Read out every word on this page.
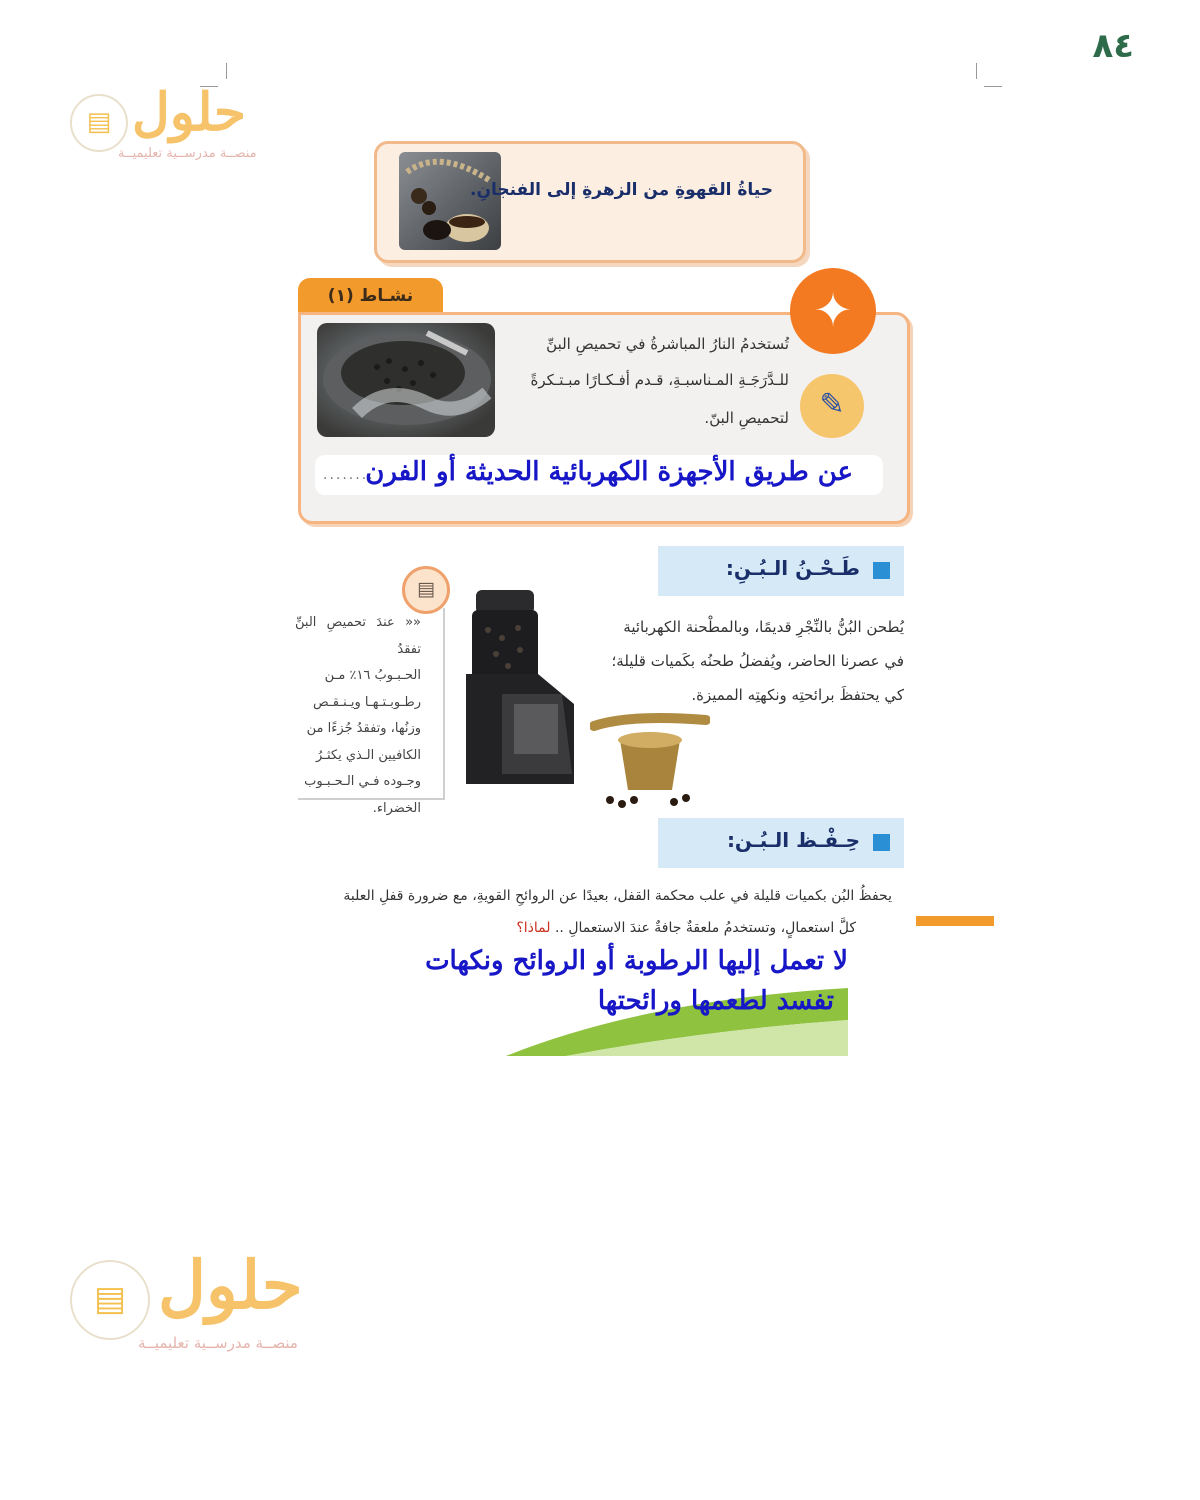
٨٤
▤ حلول
منصــة مدرســية تعليميــة
حياةُ القهوةِ من الزهرةِ إلى الفنجانِ.
نشـاط (١)
تُستخدمُ النارُ المباشرةُ في تحميصِ البنِّ
للـدَّرَجَـةِ المـناسبـةِ، قـدم أفـكـارًا مبـتـكرةً
لتحميصِ البنّ.
........
عن طريق الأجهزة الكهربائية الحديثة أو الفرن
✦
✎
طَـحْـنُ الـبُـنِ:
يُطحن البُنُّ بالنِّجْرِ قديمًا، وبالمطْحنة الكهربائية
في عصرنا الحاضر، ويُفضلُ طحنُه بكَميات قليلة؛
كي يحتفظَ برائحتِه ونكهتِه المميزة.
▤
«« عندَ تحميصِ البنِّ تفقدُ
الحـبـوبُ ١٦٪ مـن
رطـوبـتـهـا ويـنـقـص
وزنُها، وتفقدُ جُزءًا من
الكافيين الـذي يكثـرُ
وجـوده فـي الـحـبـوب
الخضراء.
حِـفْـظ الـبُـن:
يحفظُ البُن بكميات قليلة في علب محكمة القفل، بعيدًا عن الروائحِ القويةِ، مع ضرورة قفلِ العلبة
كلَّ استعمالٍ، وتستخدمُ ملعقةٌ جافةٌ عندَ الاستعمالِ .. لماذا؟
لا تعمل إليها الرطوبة أو الروائح ونكهات
تفسد لطعمها ورائحتها
▤ حلول
منصــة مدرســية تعليميــة
